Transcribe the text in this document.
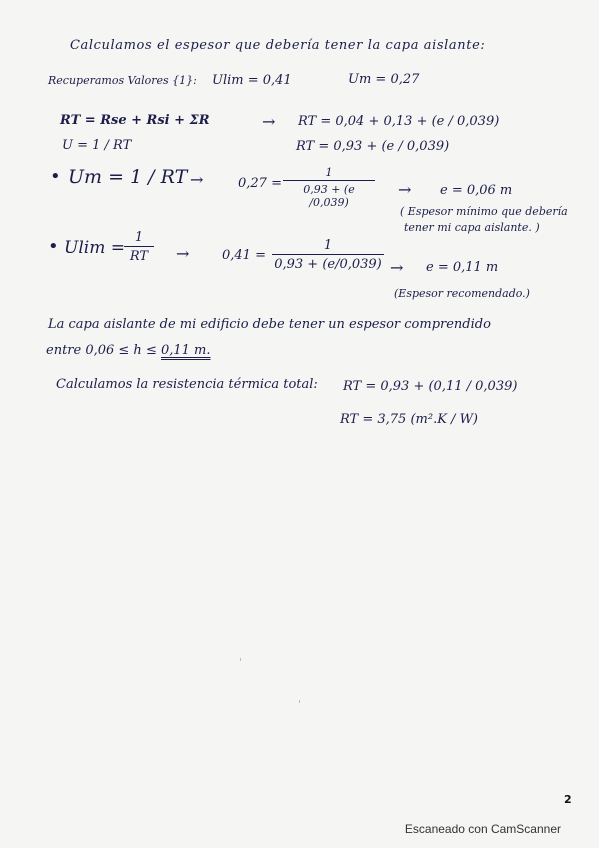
Calculamos el espesor que debería tener la capa aislante:
Recuperamos Valores {1}: Ulim = 0,41	Um = 0,27
RT = Rse + Rsi + ΣR	→ RT = 0,04 + 0,13 + (e / 0,039)
U = 1 / RT	RT = 0,93 + (e / 0,039)
• Um = 1 / RT →	0,27 =
1
0,93 + (e /0,039)
→ e = 0,06 m
( Espesor mínimo que debería
tener mi capa aislante. )
• Ulim =
1
RT	→	0,41 =
1
0,93 + (e/0,039) → e = 0,11 m
(Espesor recomendado.)
La capa aislante de mi edificio debe tener un espesor comprendido
entre 0,06 ≤ h ≤ 0,11 m.
Calculamos la resistencia térmica total: RT = 0,93 + (0,11 / 0,039)
RT = 3,75 (m².K / W)
2
Escaneado con CamScanner
